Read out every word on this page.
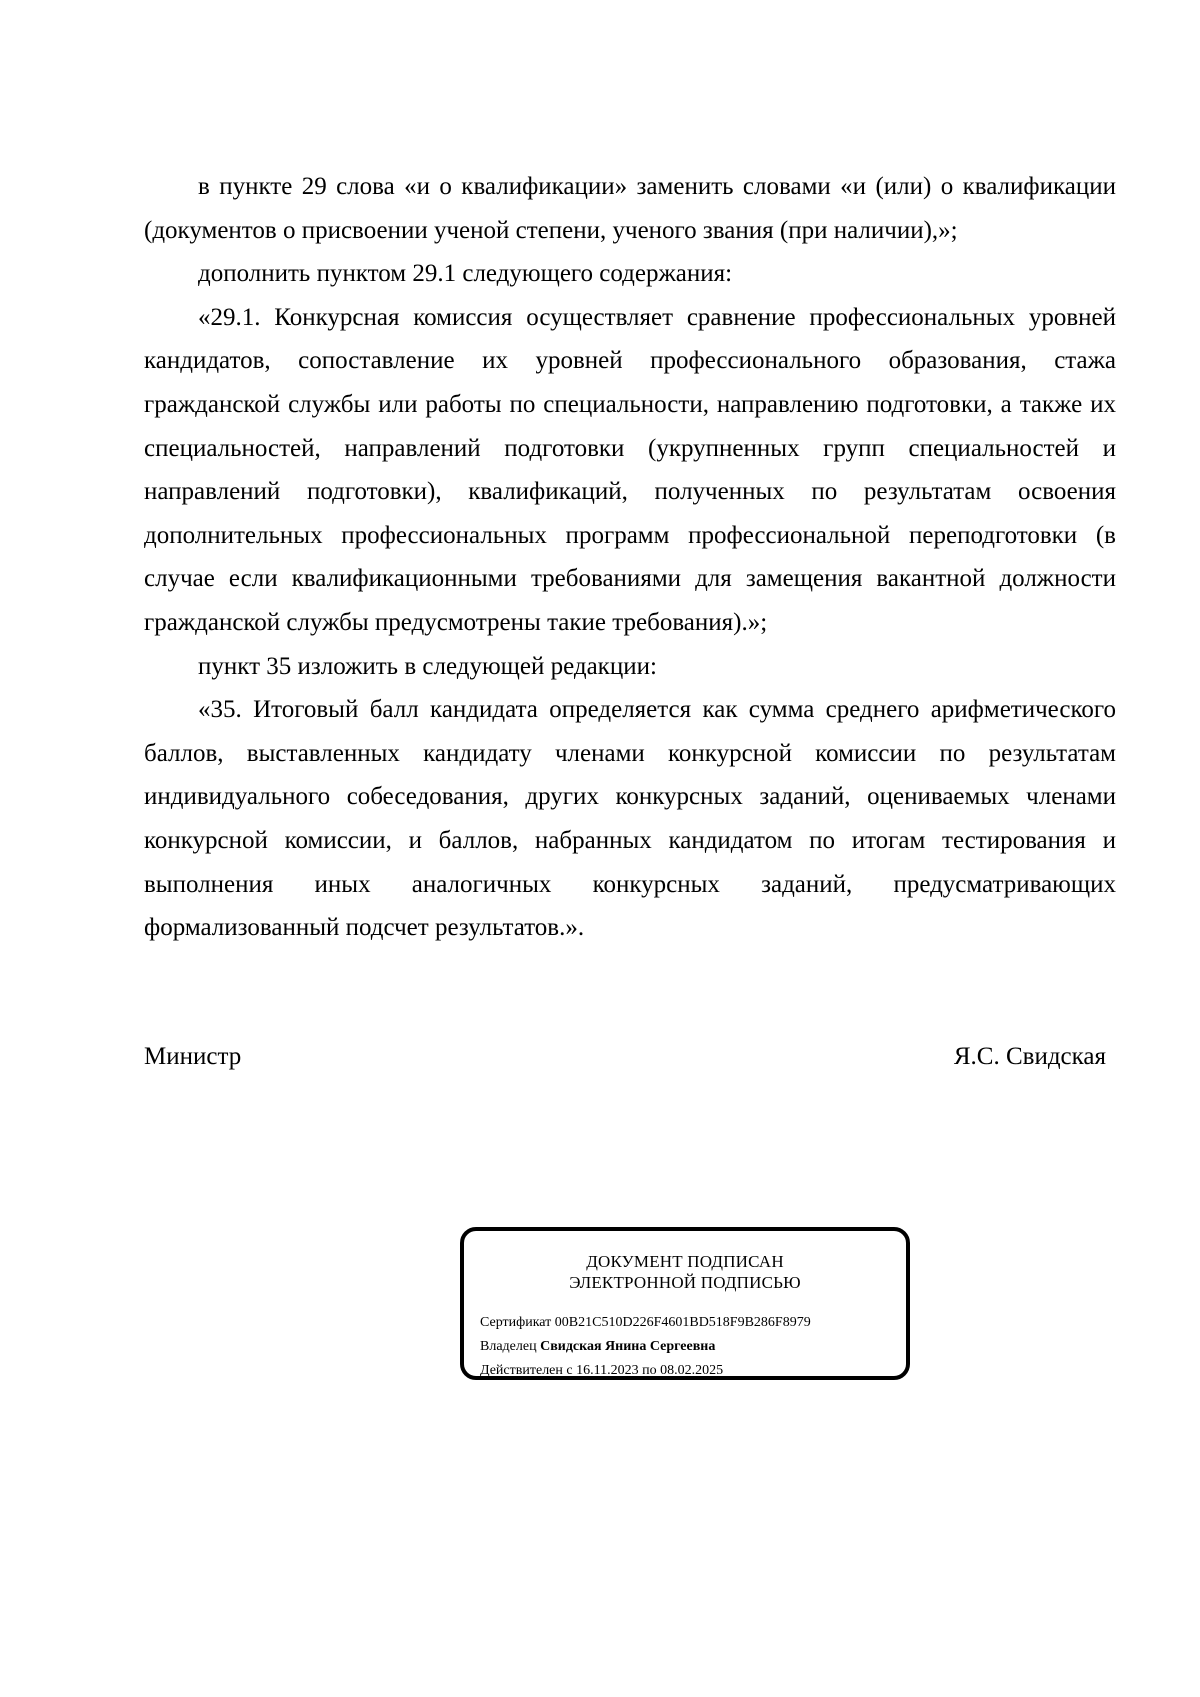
в пункте 29 слова «и о квалификации» заменить словами «и (или) о квалификации (документов о присвоении ученой степени, ученого звания (при наличии),»;

дополнить пунктом 29.1 следующего содержания:

«29.1. Конкурсная комиссия осуществляет сравнение профессиональных уровней кандидатов, сопоставление их уровней профессионального образования, стажа гражданской службы или работы по специальности, направлению подготовки, а также их специальностей, направлений подготовки (укрупненных групп специальностей и направлений подготовки), квалификаций, полученных по результатам освоения дополнительных профессиональных программ профессиональной переподготовки (в случае если квалификационными требованиями для замещения вакантной должности гражданской службы предусмотрены такие требования).»;

пункт 35 изложить в следующей редакции:

«35. Итоговый балл кандидата определяется как сумма среднего арифметического баллов, выставленных кандидату членами конкурсной комиссии по результатам индивидуального собеседования, других конкурсных заданий, оцениваемых членами конкурсной комиссии, и баллов, набранных кандидатом по итогам тестирования и выполнения иных аналогичных конкурсных заданий, предусматривающих формализованный подсчет результатов.».

Министр	Я.С. Свидская
ДОКУМЕНТ ПОДПИСАН
ЭЛЕКТРОННОЙ ПОДПИСЬЮ
Сертификат 00B21C510D226F4601BD518F9B286F8979
Владелец Свидская Янина Сергеевна
Действителен с 16.11.2023 по 08.02.2025
